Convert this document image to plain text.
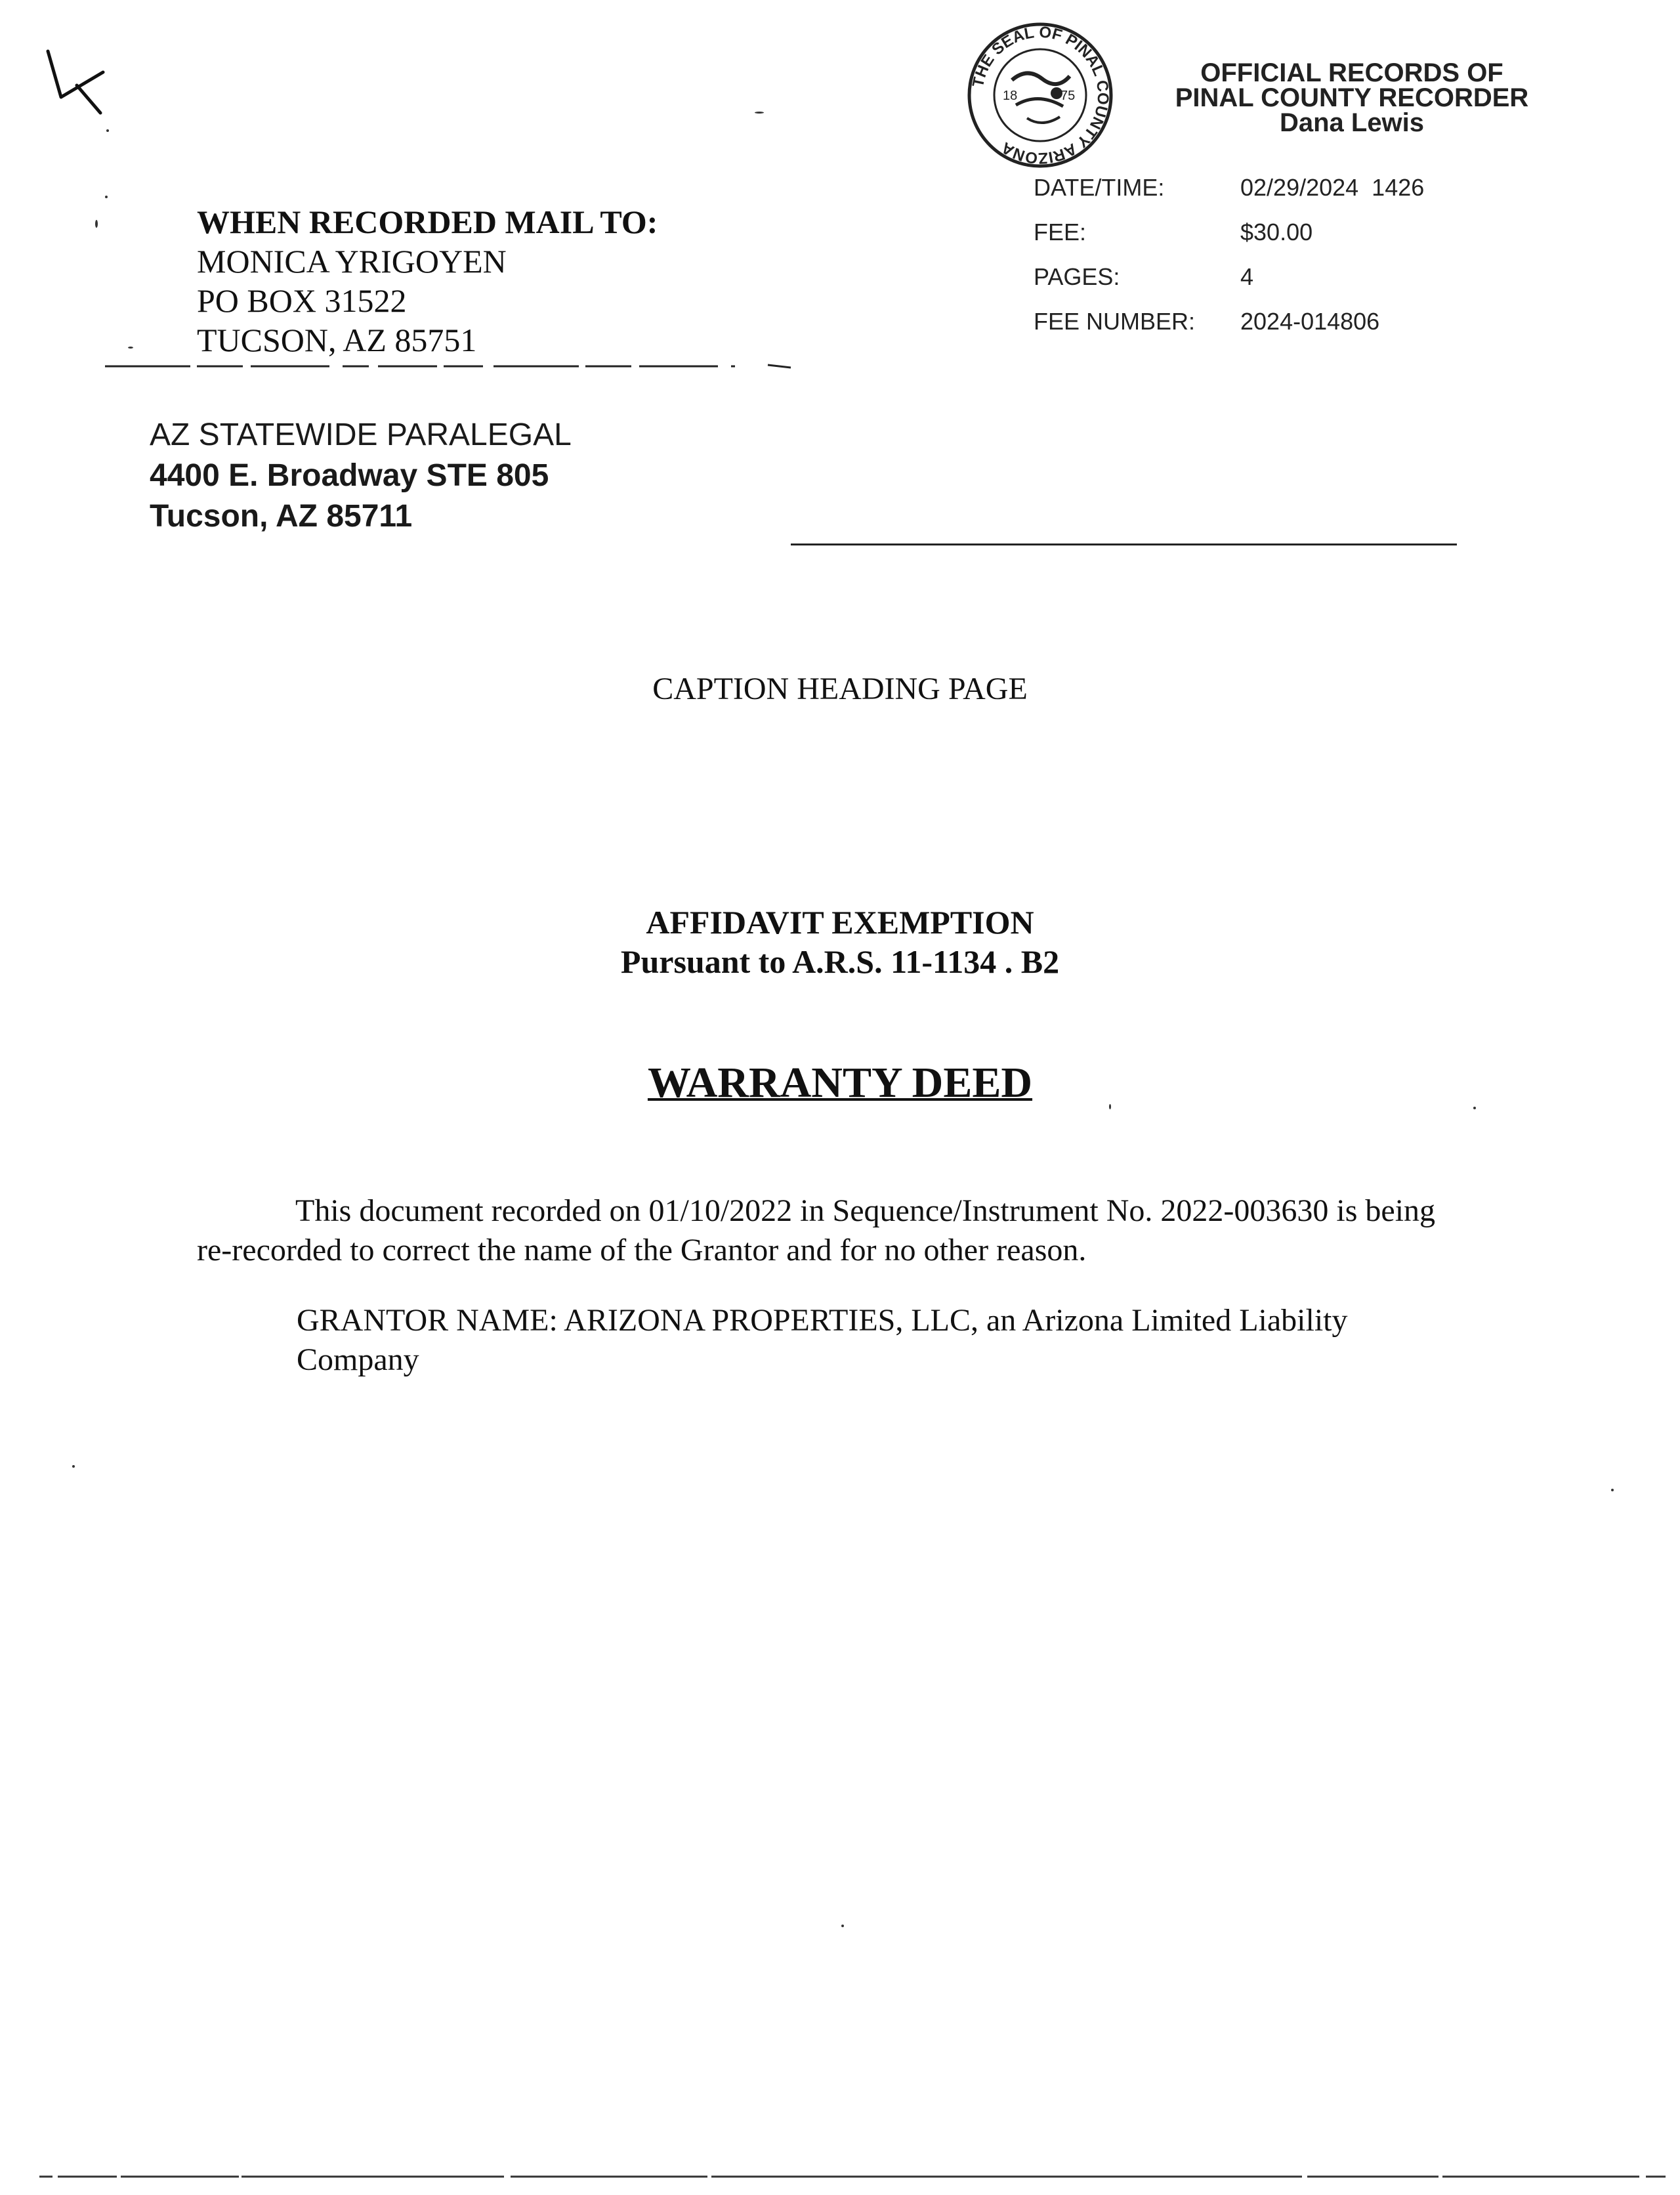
THE SEAL OF PINAL COUNTY ARIZONA
18	75
OFFICIAL RECORDS OF
PINAL COUNTY RECORDER
Dana Lewis
DATE/TIME:	02/29/2024  1426
FEE:	$30.00
PAGES:	4
FEE NUMBER: 2024-014806
WHEN RECORDED MAIL TO:
MONICA YRIGOYEN
PO BOX 31522
TUCSON, AZ 85751
AZ STATEWIDE PARALEGAL
4400 E. Broadway STE 805
Tucson, AZ 85711
CAPTION HEADING PAGE
AFFIDAVIT EXEMPTION
Pursuant to A.R.S. 11-1134 . B2
WARRANTY DEED
This document recorded on 01/10/2022 in Sequence/Instrument No. 2022-003630 is being re-recorded to correct the name of the Grantor and for no other reason.
GRANTOR NAME: ARIZONA PROPERTIES, LLC, an Arizona Limited Liability Company
